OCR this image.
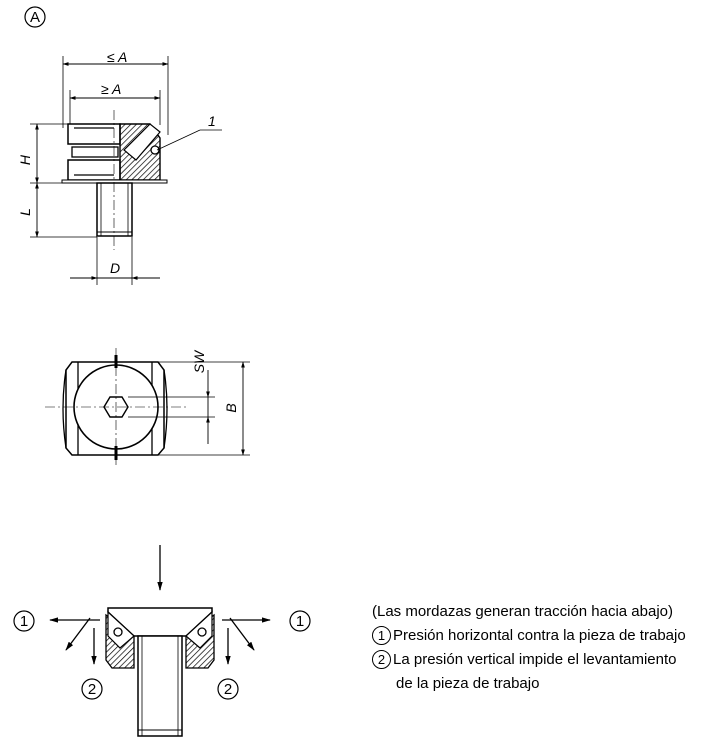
A
≤ A
≥ A
H
L
D
1
SW
B
1
2	2
1
(Las mordazas generan tracción hacia abajo)
1 Presión horizontal contra la pieza de trabajo
2 La presión vertical impide el levantamiento
de la pieza de trabajo
